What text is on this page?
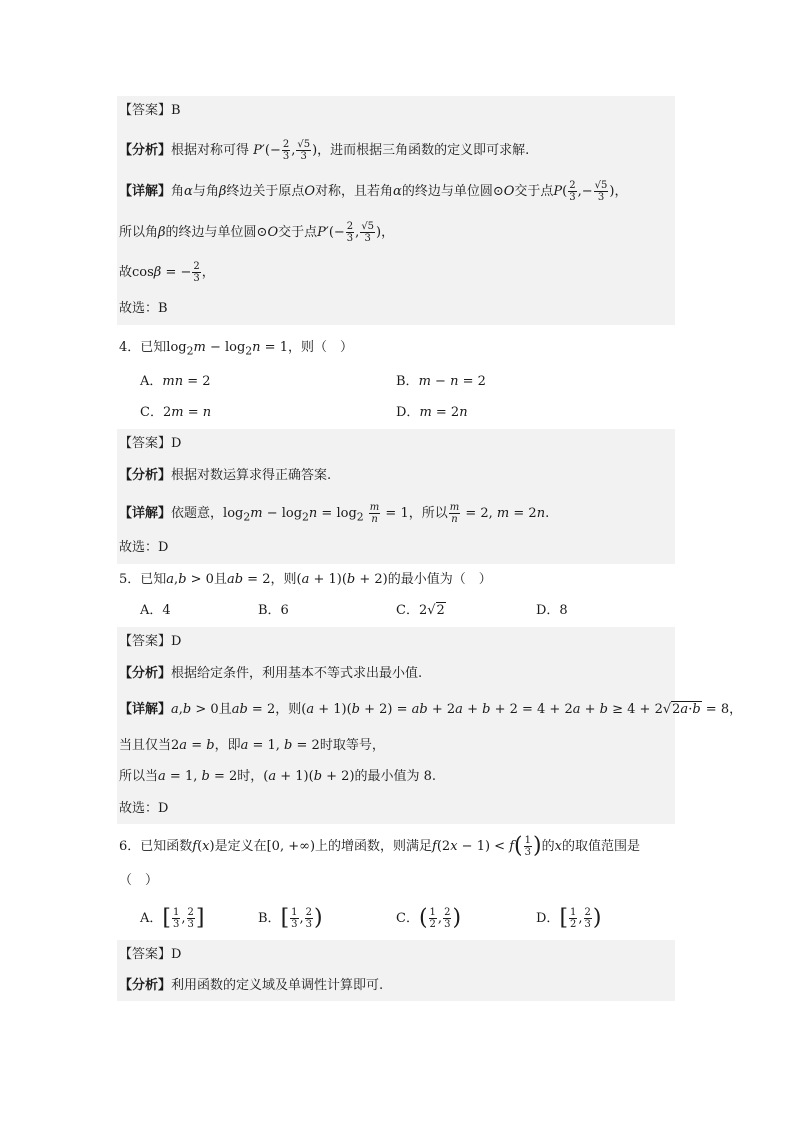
【答案】B
【分析】根据对称可得 $P'(- \frac{2}{3}$ , $\frac{√5}{3}$ )，进而根据三角函数的定义即可求解.
【详解】角α与角β终边关于原点O对称，且若角α的终边与单位圆⊙O交于点$P( \frac{2}{3}$ ,− $\frac{√5}{3}$ )，
所以角β的终边与单位圆⊙O交于点$P'(- \frac{2}{3}$ , $\frac{√5}{3}$ )，
故cosβ = − $\frac{2}{3}$ ，
故选：B
4．已知$\log_2m - \log_2n = 1$，则（　）
A．mn = 2	B．m − n = 2
C．2m = n	D．m = 2n
【答案】D
【分析】根据对数运算求得正确答案.
【详解】依题意，$\log_2m - \log_2n = \log_2 \frac{m}{n} = 1$，所以 $\frac{m}{n} = 2$, m = 2n.
故选：D
5．已知a,b > 0且ab = 2，则(a + 1)(b + 2)的最小值为（　）
A．4	B．6	C．2√2	D．8
【答案】D
【分析】根据给定条件，利用基本不等式求出最小值.
【详解】a,b > 0且ab = 2，则(a + 1)(b + 2) = ab + 2a + b + 2 = 4 + 2a + b ≥ 4 + 2√2a·b = 8，
当且仅当2a = b，即a = 1, b = 2时取等号，
所以当a = 1, b = 2时，(a + 1)(b + 2)的最小值为 8.
故选：D
6．已知函数f(x)是定义在[0, +∞)上的增函数，则满足$f(2x - 1) < f( \frac{1}{3}$ )的x的取值范围是
（　）
A．[ $\frac{1}{3}$ , $\frac{2}{3}$ ]	B．[ $\frac{1}{3}$ , $\frac{2}{3}$ )	C．( $\frac{1}{2}$ , $\frac{2}{3}$ )	D．[ $\frac{1}{2}$ , $\frac{2}{3}$ )
【答案】D
【分析】利用函数的定义域及单调性计算即可.
